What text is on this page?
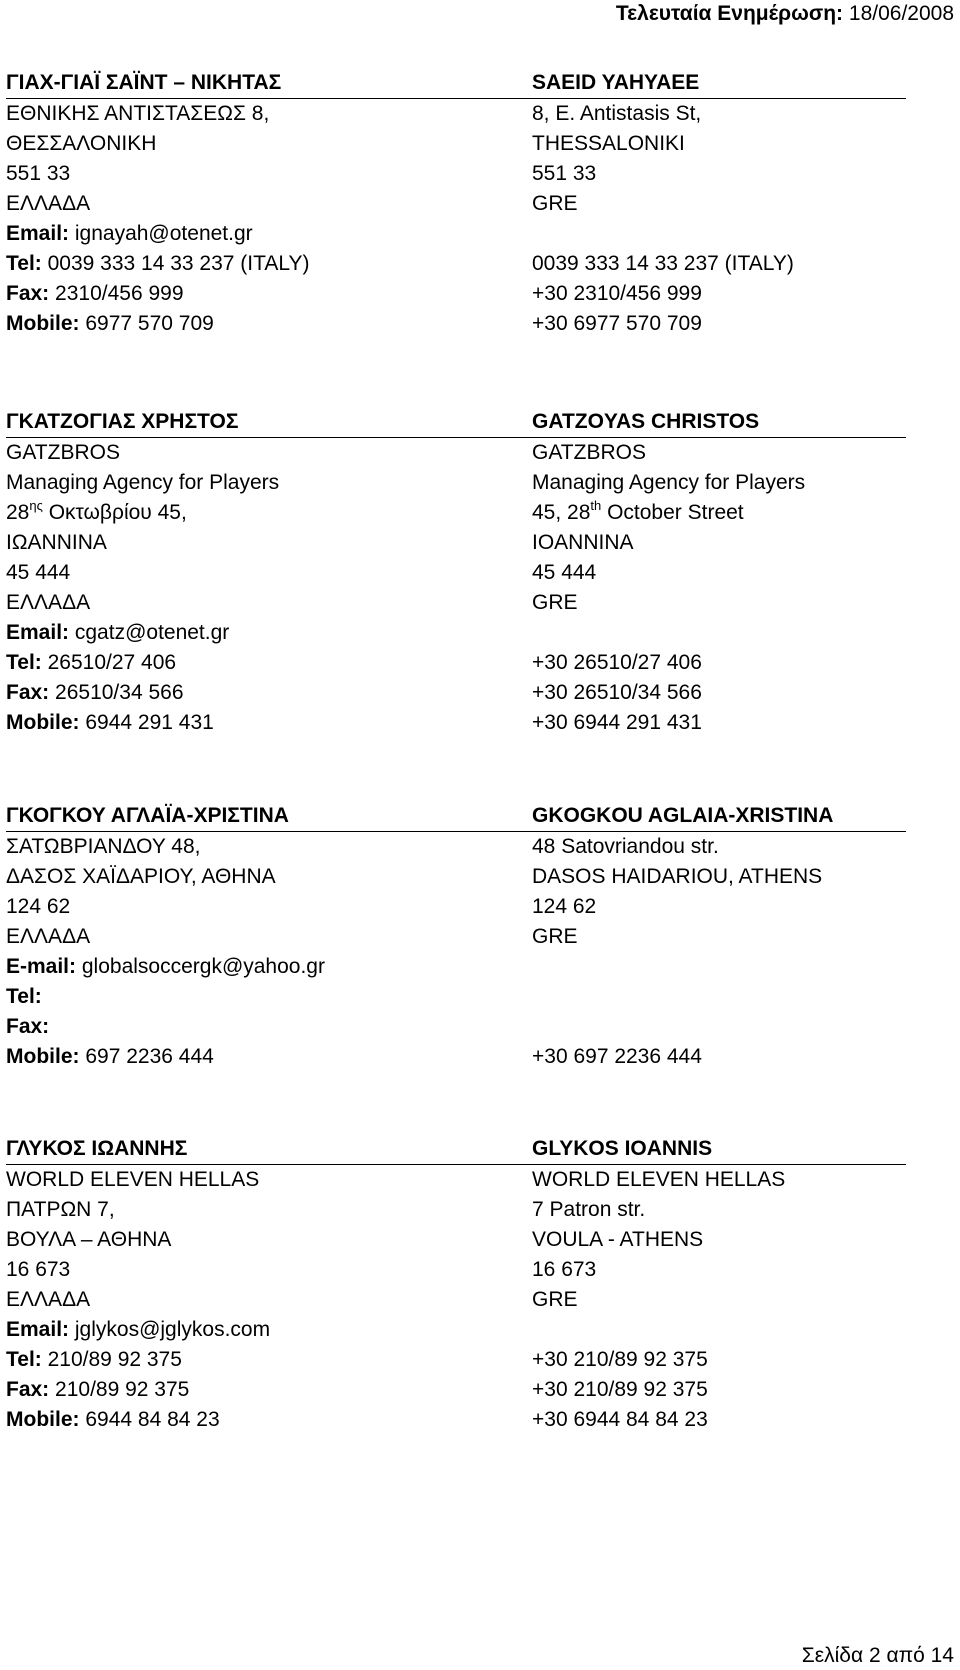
Τελευταία Ενημέρωση: 18/06/2008
ΓΙΑΧ-ΓΙΑΪ ΣΑΪΝΤ – ΝΙΚΗΤΑΣ	SAEID YAHYAEE
ΕΘΝΙΚΗΣ ΑΝΤΙΣΤΑΣΕΩΣ 8,	8, E. Antistasis St,
ΘΕΣΣΑΛΟΝΙΚΗ	THESSALONIKI
551 33	551 33
ΕΛΛΑΔΑ	GRE
Email: ignayah@otenet.gr
Tel: 0039 333 14 33 237 (ITALY)	0039 333 14 33 237 (ITALY)
Fax: 2310/456 999	+30 2310/456 999
Mobile: 6977 570 709	+30 6977 570 709
ΓΚΑΤΖΟΓΙΑΣ ΧΡΗΣΤΟΣ	GATZOYAS CHRISTOS
GATZBROS	GATZBROS
Managing Agency for Players	Managing Agency for Players
$28^{\eta\varsigma}$ Οκτωβρίου 45,	45, 28th October Street
ΙΩΑΝΝΙΝΑ	IOANNINA
45 444	45 444
ΕΛΛΑΔΑ	GRE
Email: cgatz@otenet.gr
Tel: 26510/27 406	+30 26510/27 406
Fax: 26510/34 566	+30 26510/34 566
Mobile: 6944 291 431	+30 6944 291 431
ΓΚΟΓΚΟΥ ΑΓΛΑΪΑ-ΧΡΙΣΤΙΝΑ	GKOGKOU AGLAIA-XRISTINA
ΣΑΤΩΒΡΙΑΝΔΟΥ 48,	48 Satovriandou str.
ΔΑΣΟΣ ΧΑΪΔΑΡΙΟΥ, ΑΘΗΝΑ	DASOS HAIDARIOU, ATHENS
124 62	124 62
ΕΛΛΑΔΑ	GRE
E-mail: globalsoccergk@yahoo.gr
Tel:
Fax:
Mobile: 697 2236 444	+30 697 2236 444
ΓΛΥΚΟΣ ΙΩΑΝΝΗΣ	GLYKOS IOANNIS
WORLD ELEVEN HELLAS	WORLD ELEVEN HELLAS
ΠΑΤΡΩΝ 7,	7 Patron str.
ΒΟΥΛΑ – ΑΘΗΝΑ	VOULA - ATHENS
16 673	16 673
ΕΛΛΑΔΑ	GRE
Email: jglykos@jglykos.com
Tel: 210/89 92 375	+30 210/89 92 375
Fax: 210/89 92 375	+30 210/89 92 375
Mobile: 6944 84 84 23	+30 6944 84 84 23
Σελίδα 2 από 14
